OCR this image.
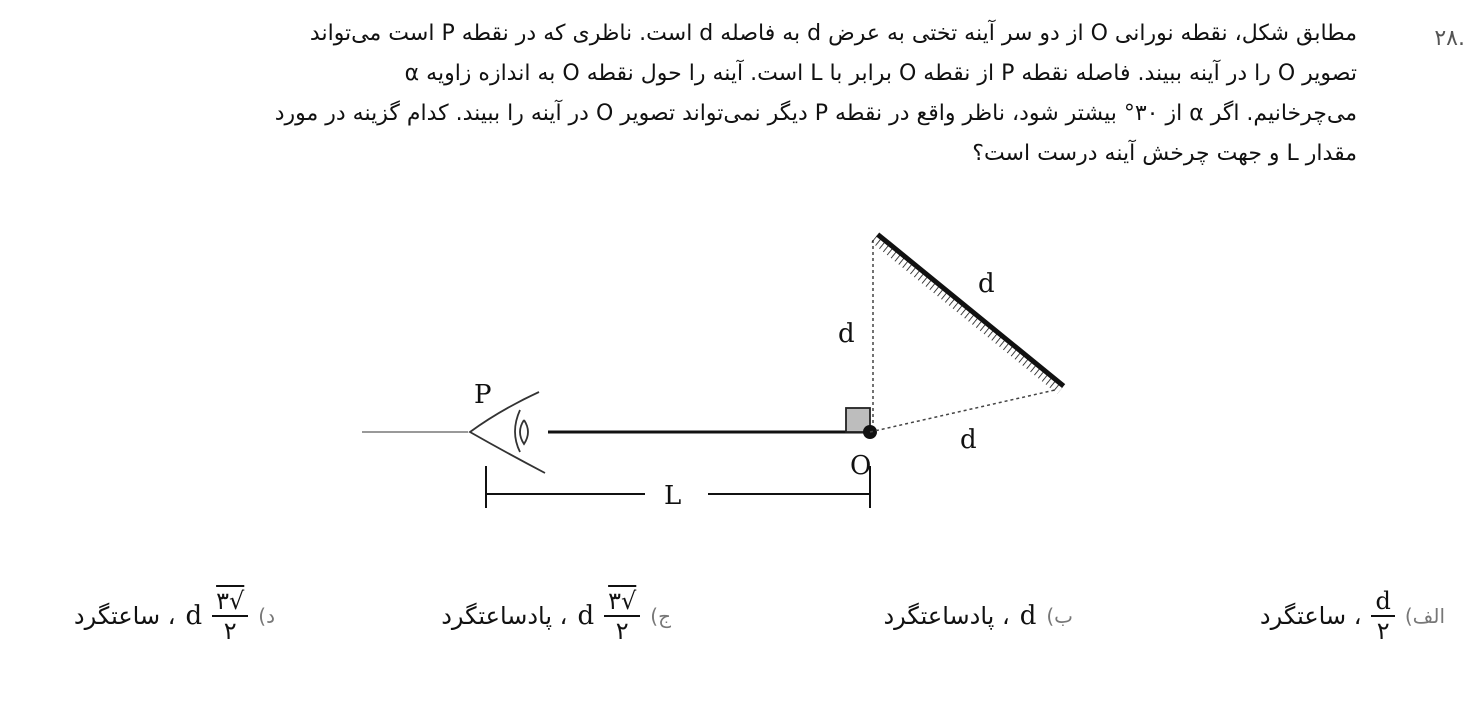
۲۸.

مطابق شکل، نقطه نورانی O از دو سر آینه تختی به عرض d به فاصله d است. ناظری که در نقطه P است می‌تواند
تصویر O را در آینه ببیند. فاصله نقطه P از نقطه O برابر با L است. آینه را حول نقطه O به اندازه زاویه α
می‌چرخانیم. اگر α از ۳۰° بیشتر شود، ناظر واقع در نقطه P دیگر نمی‌تواند تصویر O در آینه را ببیند. کدام گزینه در مورد
مقدار L و جهت چرخش آینه درست است؟

P
O
L
d
d
d
الف)
$\frac{d}{۲}$
، ساعتگرد
ب)
d
، پادساعتگرد
ج)
$\frac{√۳}{۲}$
d
، پادساعتگرد
د)
$\frac{√۳}{۲}$
d
، ساعتگرد
